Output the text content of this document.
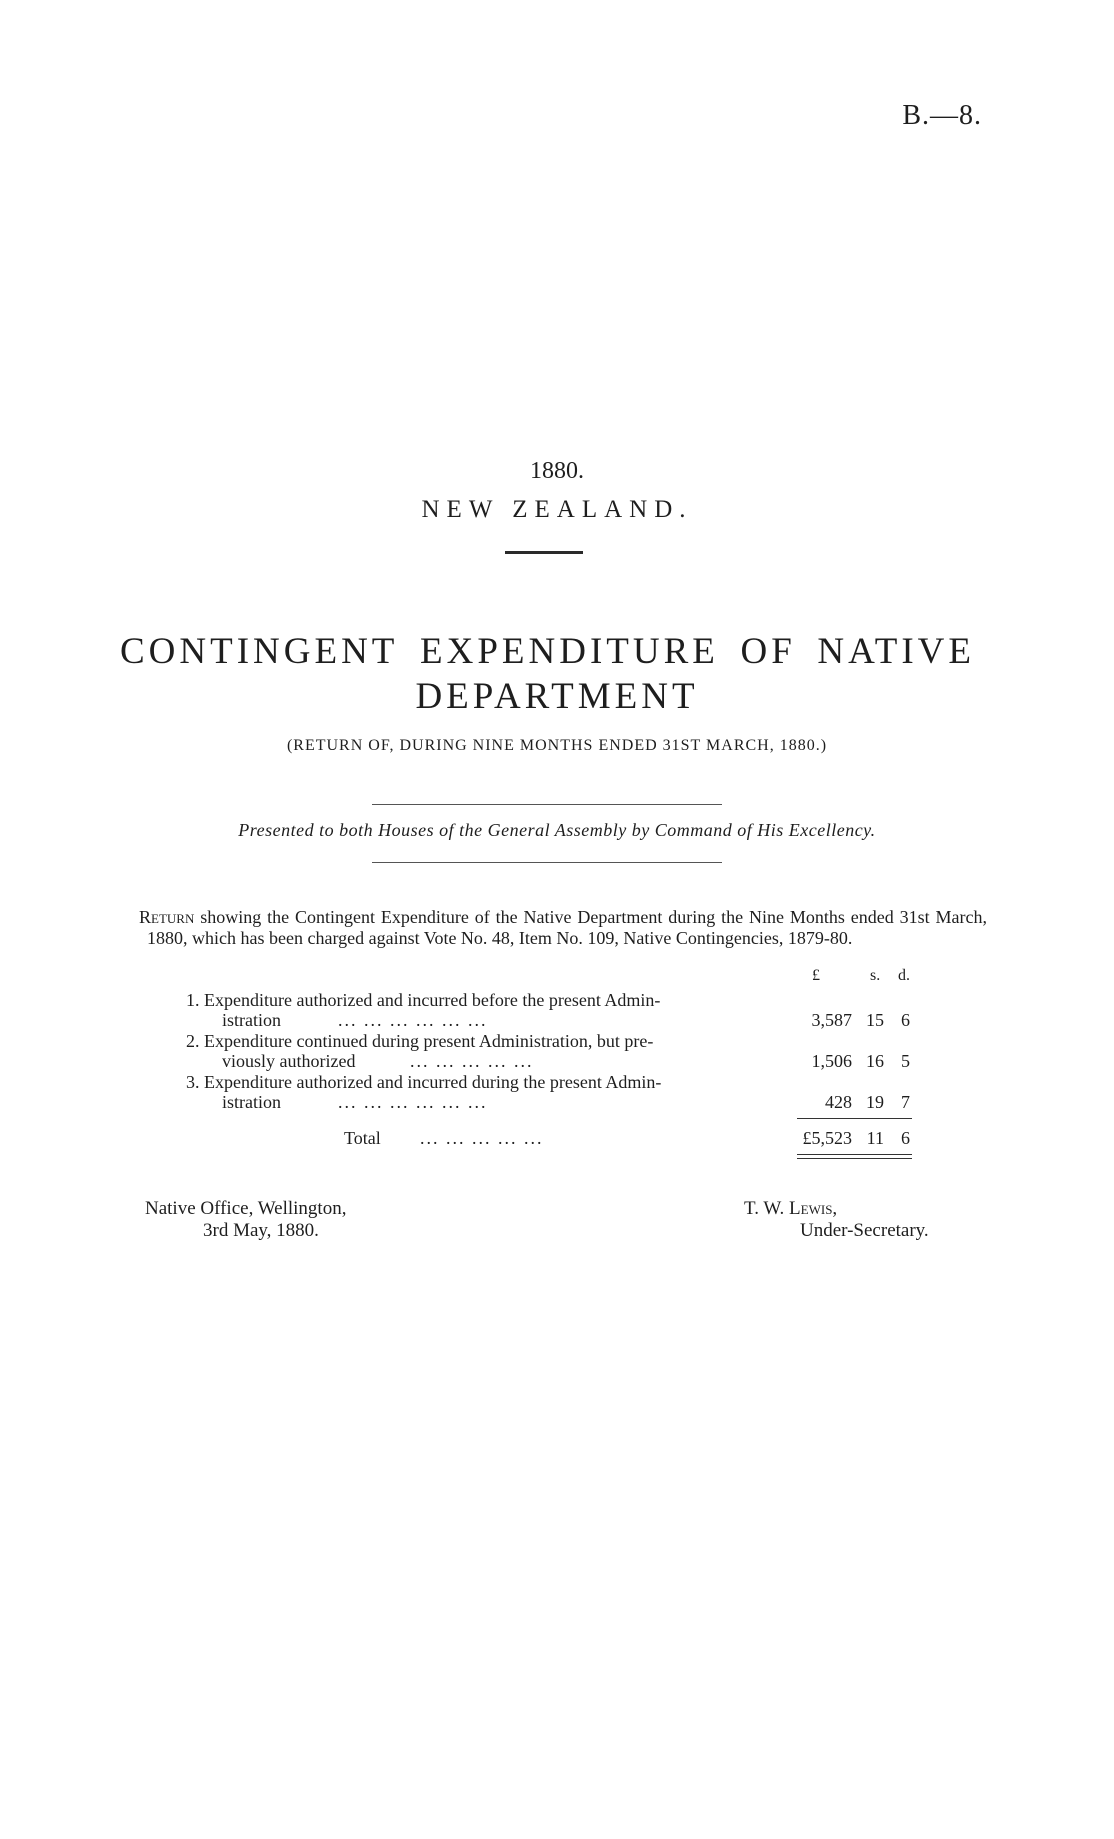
B.—8.
1880.
NEW ZEALAND.
CONTINGENT EXPENDITURE OF NATIVE
DEPARTMENT
(RETURN OF, DURING NINE MONTHS ENDED 31ST MARCH, 1880.)
Presented to both Houses of the General Assembly by Command of His Excellency.
Return showing the Contingent Expenditure of the Native Department during the Nine Months ended 31st March, 1880, which has been charged against Vote No. 48, Item No. 109, Native Contingencies, 1879-80.
£	s. d.
1. Expenditure authorized and incurred before the present Admin-
istration	... ... ... ... ... ...	3,587 15 6
2. Expenditure continued during present Administration, but pre-
viously authorized	... ... ... ... ...	1,506 16 5
3. Expenditure authorized and incurred during the present Admin-
istration	... ... ... ... ... ...	428 19 7
Total ... ... ... ... ...	£5,523 11 6
Native Office, Wellington,
3rd May, 1880.
T. W. Lewis,
Under-Secretary.
